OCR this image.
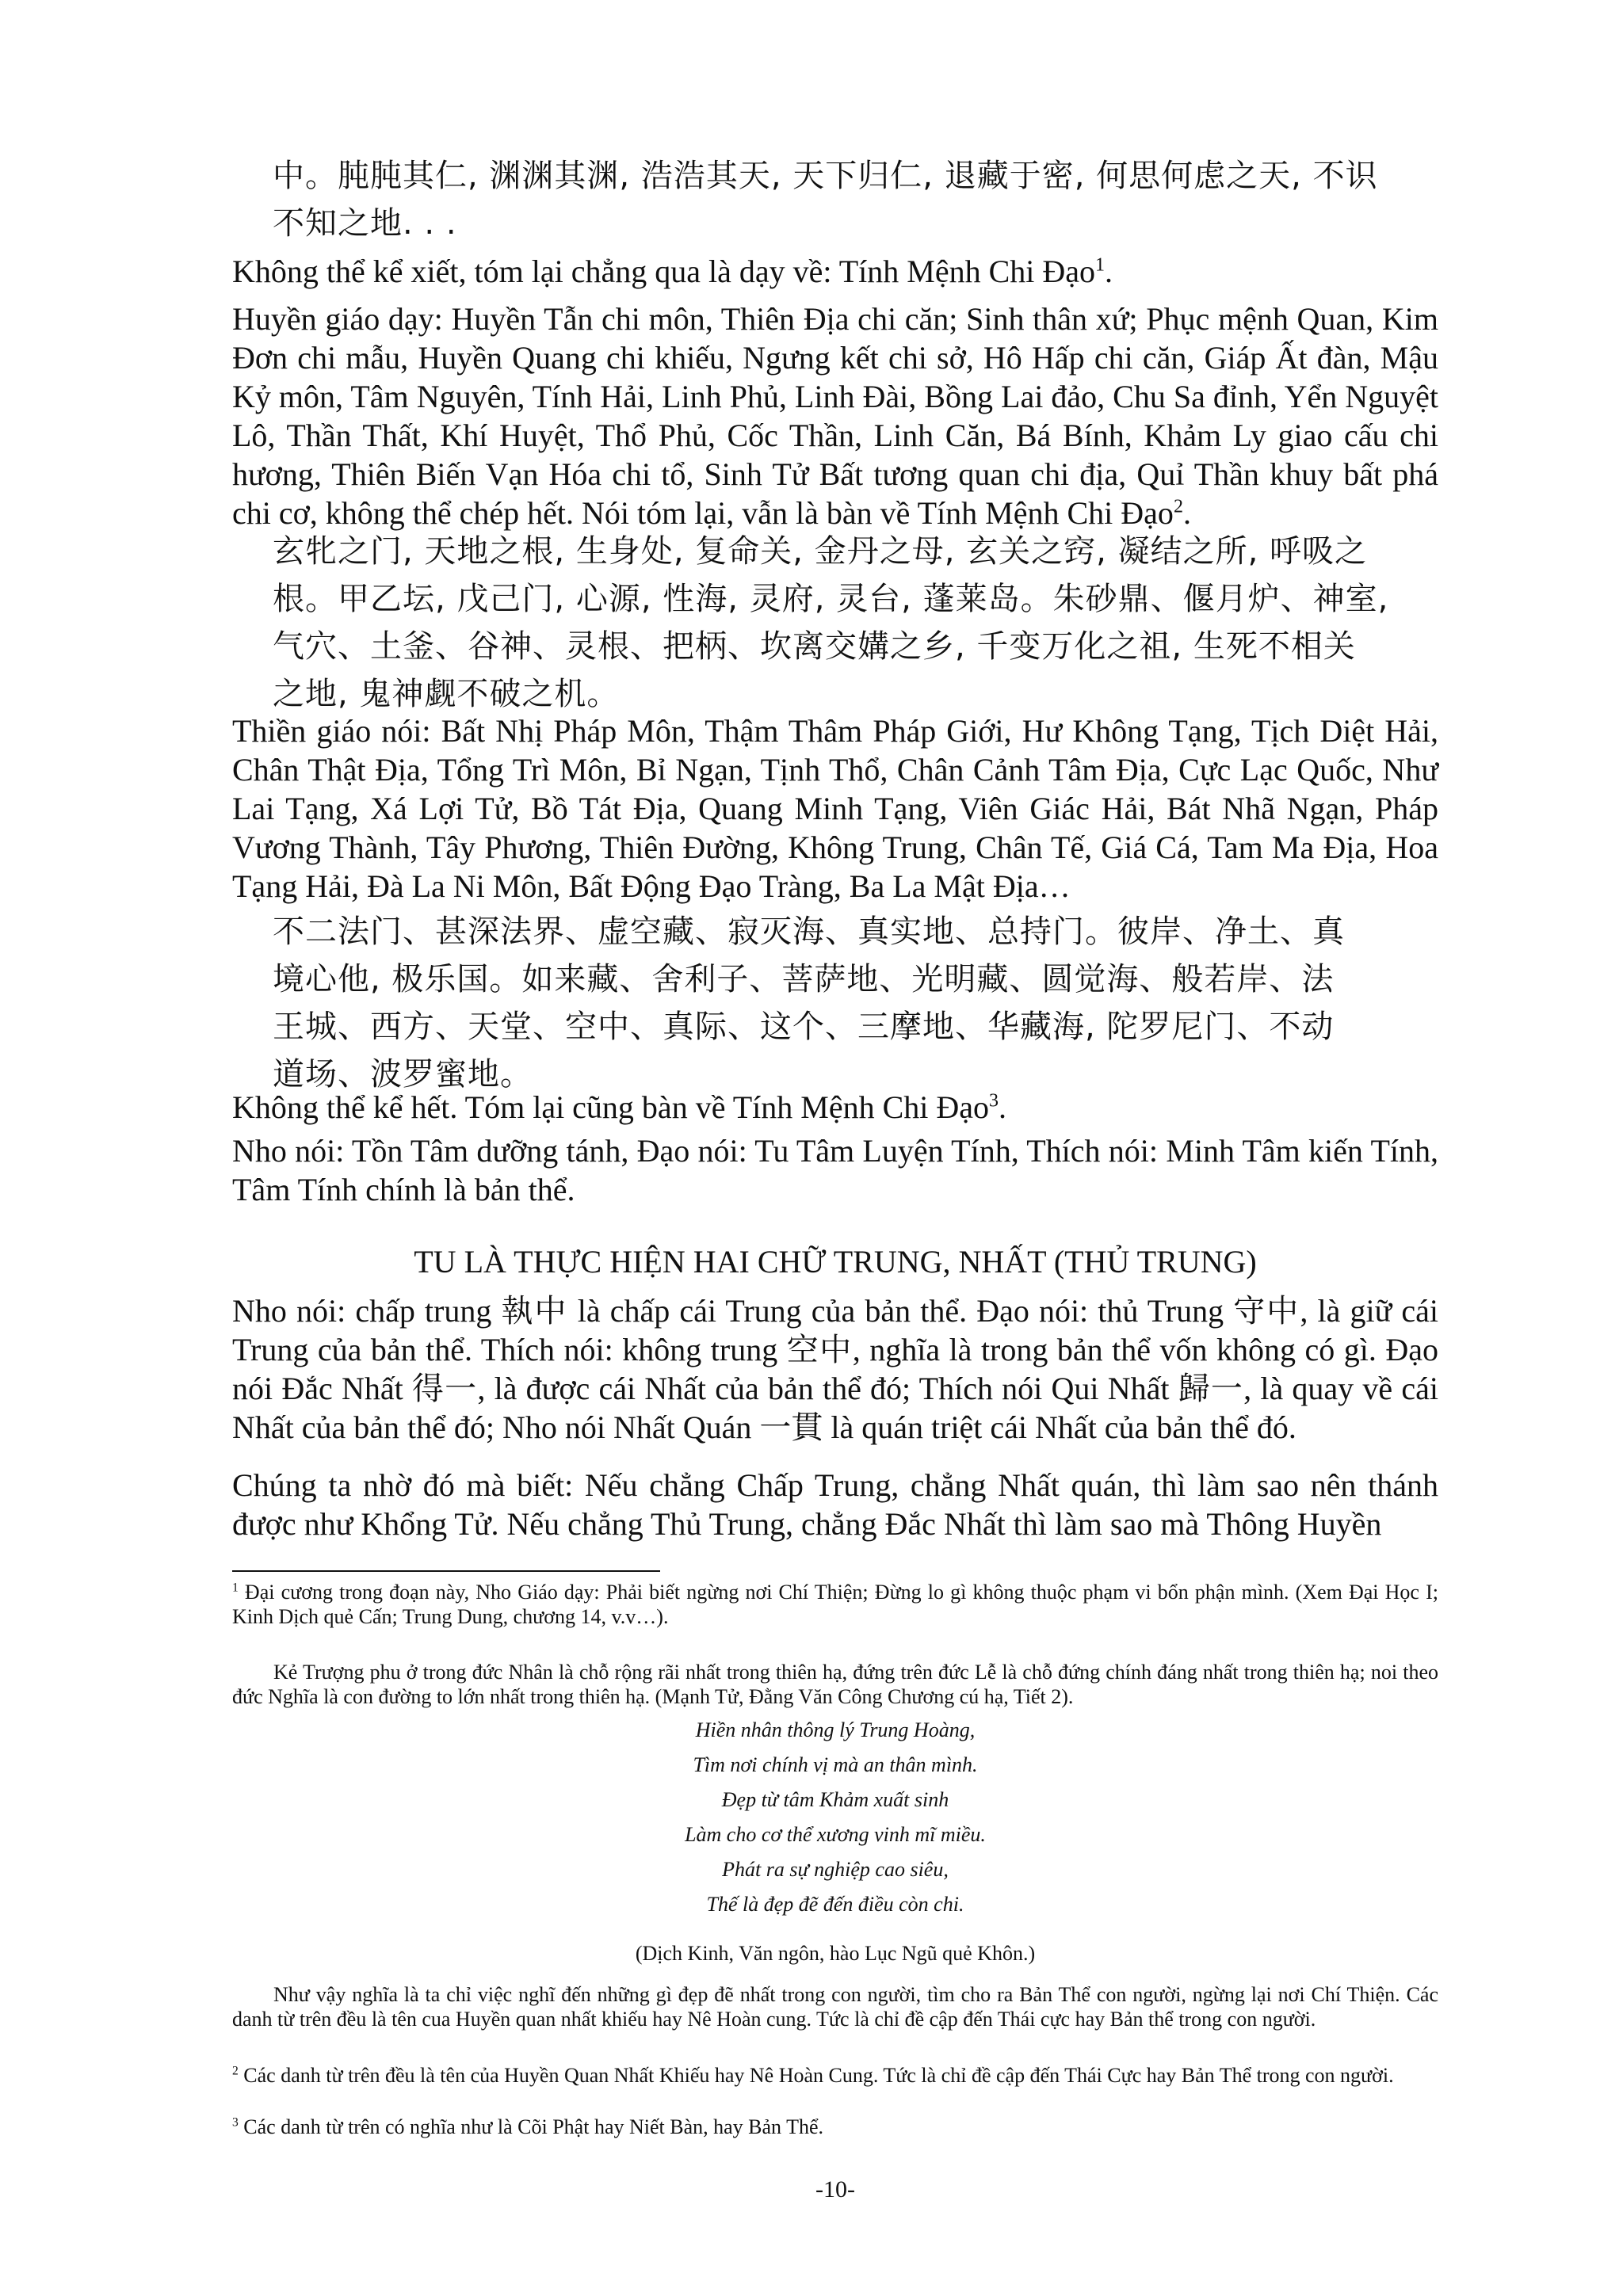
中。肫肫其仁, 渊渊其渊, 浩浩其天, 天下归仁, 退藏于密, 何思何虑之天, 不识
不知之地. . .

Không thể kể xiết, tóm lại chẳng qua là dạy về: Tính Mệnh Chi Đạo$^1$.

Huyền giáo dạy: Huyền Tẫn chi môn, Thiên Địa chi căn; Sinh thân xứ; Phục mệnh Quan, Kim Đơn chi mẫu, Huyền Quang chi khiếu, Ngưng kết chi sở, Hô Hấp chi căn, Giáp Ất đàn, Mậu Kỷ môn, Tâm Nguyên, Tính Hải, Linh Phủ, Linh Đài, Bồng Lai đảo, Chu Sa đỉnh, Yển Nguyệt Lô, Thần Thất, Khí Huyệt, Thổ Phủ, Cốc Thần, Linh Căn, Bá Bính, Khảm Ly giao cấu chi hương, Thiên Biến Vạn Hóa chi tổ, Sinh Tử Bất tương quan chi địa, Quỉ Thần khuy bất phá chi cơ, không thể chép hết. Nói tóm lại, vẫn là bàn về Tính Mệnh Chi Đạo$^2$.

玄牝之门, 天地之根, 生身处, 复命关, 金丹之母, 玄关之窍, 凝结之所, 呼吸之
根。甲乙坛, 戊己门, 心源, 性海, 灵府, 灵台, 蓬莱岛。朱砂鼎、偃月炉、神室,
气穴、土釜、谷神、灵根、把柄、坎离交媾之乡, 千变万化之祖, 生死不相关
之地, 鬼神觑不破之机。

Thiền giáo nói: Bất Nhị Pháp Môn, Thậm Thâm Pháp Giới, Hư Không Tạng, Tịch Diệt Hải, Chân Thật Địa, Tổng Trì Môn, Bỉ Ngạn, Tịnh Thổ, Chân Cảnh Tâm Địa, Cực Lạc Quốc, Như Lai Tạng, Xá Lợi Tử, Bồ Tát Địa, Quang Minh Tạng, Viên Giác Hải, Bát Nhã Ngạn, Pháp Vương Thành, Tây Phương, Thiên Đường, Không Trung, Chân Tế, Giá Cá, Tam Ma Địa, Hoa Tạng Hải, Đà La Ni Môn, Bất Động Đạo Tràng, Ba La Mật Địa…

不二法门、甚深法界、虚空藏、寂灭海、真实地、总持门。彼岸、净土、真
境心他, 极乐国。如来藏、舍利子、菩萨地、光明藏、圆觉海、般若岸、法
王城、西方、天堂、空中、真际、这个、三摩地、华藏海, 陀罗尼门、不动
道场、波罗蜜地。

Không thể kể hết. Tóm lại cũng bàn về Tính Mệnh Chi Đạo$^3$.

Nho nói: Tồn Tâm dưỡng tánh, Đạo nói: Tu Tâm Luyện Tính, Thích nói: Minh Tâm kiến Tính, Tâm Tính chính là bản thể.

TU LÀ THỰC HIỆN HAI CHỮ TRUNG, NHẤT (THỦ TRUNG)

Nho nói: chấp trung 執中 là chấp cái Trung của bản thể. Đạo nói: thủ Trung 守中, là giữ cái Trung của bản thể. Thích nói: không trung 空中, nghĩa là trong bản thể vốn không có gì. Đạo nói Đắc Nhất 得一, là được cái Nhất của bản thể đó; Thích nói Qui Nhất 歸一, là quay về cái Nhất của bản thể đó; Nho nói Nhất Quán 一貫 là quán triệt cái Nhất của bản thể đó.

Chúng ta nhờ đó mà biết: Nếu chẳng Chấp Trung, chẳng Nhất quán, thì làm sao nên thánh được như Khổng Tử. Nếu chẳng Thủ Trung, chẳng Đắc Nhất thì làm sao mà Thông Huyền

$^1$ Đại cương trong đoạn này, Nho Giáo dạy: Phải biết ngừng nơi Chí Thiện; Đừng lo gì không thuộc phạm vi bổn phận mình. (Xem Đại Học I; Kinh Dịch quẻ Cấn; Trung Dung, chương 14, v.v…).

Kẻ Trượng phu ở trong đức Nhân là chỗ rộng rãi nhất trong thiên hạ, đứng trên đức Lễ là chỗ đứng chính đáng nhất trong thiên hạ; noi theo đức Nghĩa là con đường to lớn nhất trong thiên hạ. (Mạnh Tử, Đằng Văn Công Chương cú hạ, Tiết 2).

Hiền nhân thông lý Trung Hoàng,
Tìm nơi chính vị mà an thân mình.
Đẹp từ tâm Khảm xuất sinh
Làm cho cơ thể xương vinh mĩ miều.
Phát ra sự nghiệp cao siêu,
Thế là đẹp đẽ đến điều còn chi.
(Dịch Kinh, Văn ngôn, hào Lục Ngũ quẻ Khôn.)

Như vậy nghĩa là ta chỉ việc nghĩ đến những gì đẹp đẽ nhất trong con người, tìm cho ra Bản Thể con người, ngừng lại nơi Chí Thiện. Các danh từ trên đều là tên cua Huyền quan nhất khiếu hay Nê Hoàn cung. Tức là chỉ đề cập đến Thái cực hay Bản thể trong con người.

$^2$ Các danh từ trên đều là tên của Huyền Quan Nhất Khiếu hay Nê Hoàn Cung. Tức là chỉ đề cập đến Thái Cực hay Bản Thể trong con người.

$^3$ Các danh từ trên có nghĩa như là Cõi Phật hay Niết Bàn, hay Bản Thể.

-10-
